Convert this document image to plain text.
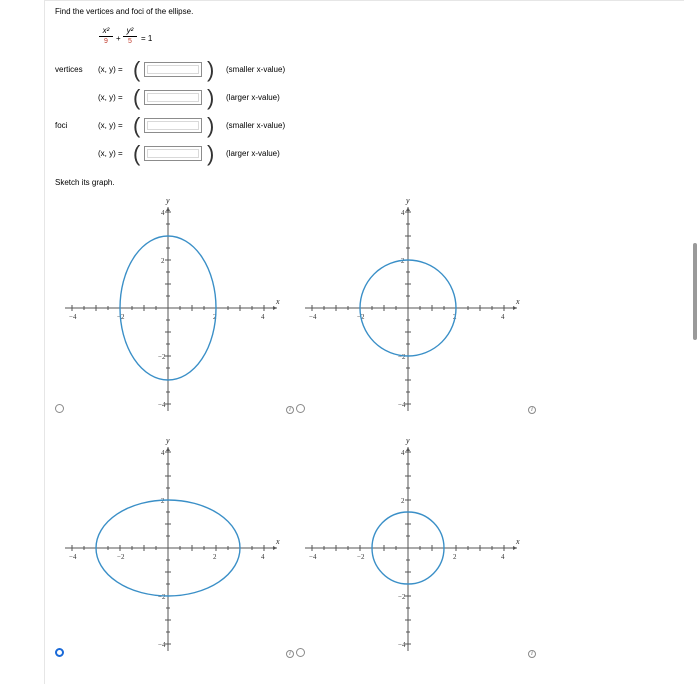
Find the vertices and foci of the ellipse.
x²
9	+
y²
5	= 1
vertices (x, y) = (	) (smaller x-value)
(x, y) = (	) (larger x-value)
foci	(x, y) = (	) (smaller x-value)
(x, y) = (	) (larger x-value)
Sketch its graph.
−4	−2	2	4
4
2
−2
−4
x
y
i
−4	−2	2	4
4
2
−2
−4
x
y
i
−4	−2	2	4
4
2
−2
−4
x
y
i
−4	−2	2	4
4
2
−2
−4
x
y
i
